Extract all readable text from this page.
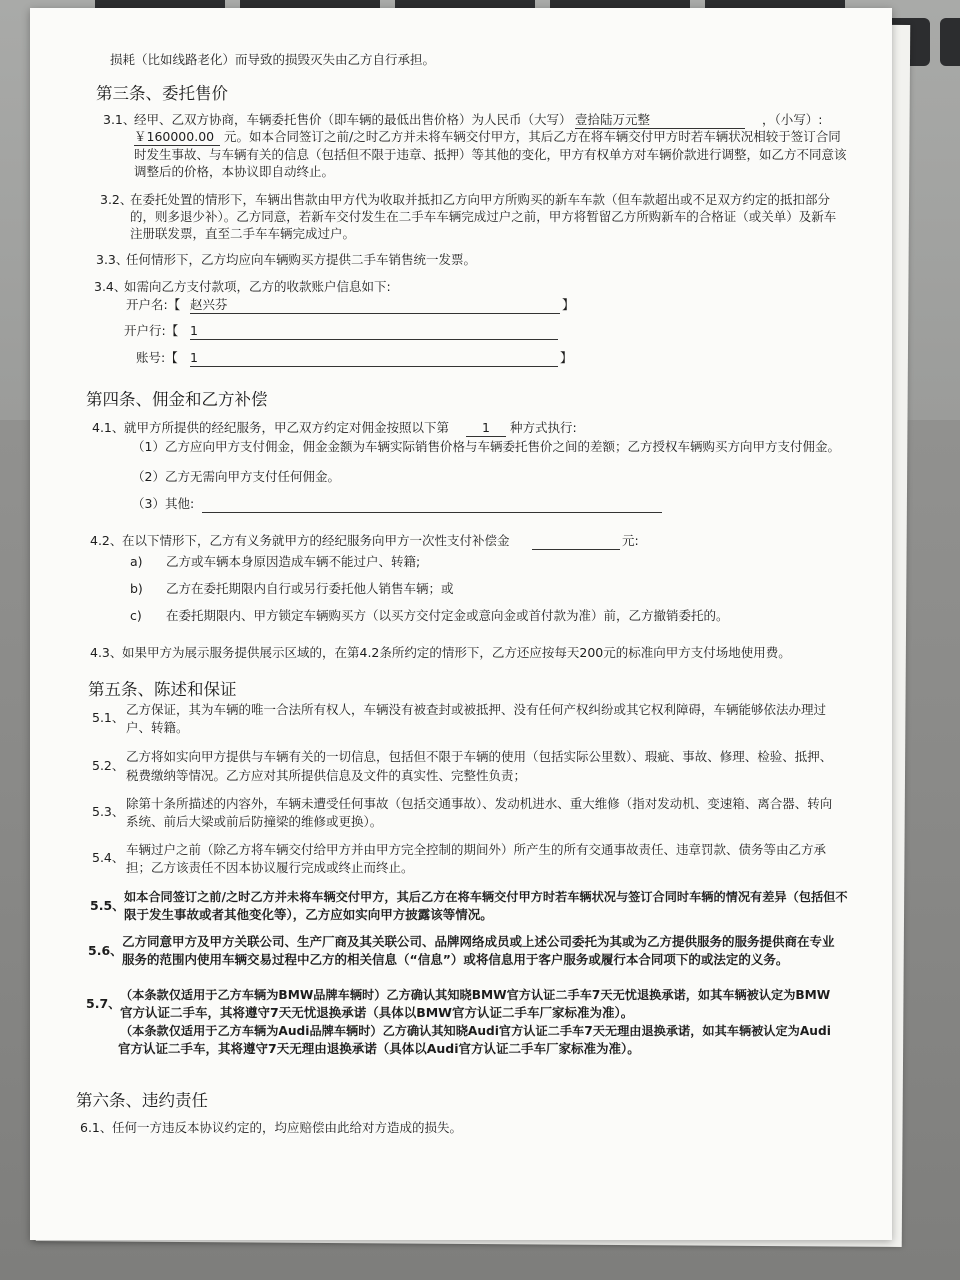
损耗（比如线路老化）而导致的损毁灭失由乙方自行承担。
第三条、委托售价
3.1、
经甲、乙双方协商，车辆委托售价（即车辆的最低出售价格）为人民币（大写） 壹拾陆万元整	，（小写）:
￥160000.00 元。如本合同签订之前/之时乙方并未将车辆交付甲方，其后乙方在将车辆交付甲方时若车辆状况相较于签订合同
时发生事故、与车辆有关的信息（包括但不限于违章、抵押）等其他的变化，甲方有权单方对车辆价款进行调整，如乙方不同意该
调整后的价格，本协议即自动终止。
3.2、
在委托处置的情形下，车辆出售款由甲方代为收取并抵扣乙方向甲方所购买的新车车款（但车款超出或不足双方约定的抵扣部分
的，则多退少补）。乙方同意，若新车交付发生在二手车车辆完成过户之前，甲方将暂留乙方所购新车的合格证（或关单）及新车
注册联发票，直至二手车车辆完成过户。
3.3、
任何情形下，乙方均应向车辆购买方提供二手车销售统一发票。
3.4、
如需向乙方支付款项，乙方的收款账户信息如下:
开户名:【 赵兴芬	】
开户行:【 1
账号:【 1	】
第四条、佣金和乙方补偿
4.1、 就甲方所提供的经纪服务，甲乙双方约定对佣金按照以下第	1	种方式执行:
（1）乙方应向甲方支付佣金，佣金金额为车辆实际销售价格与车辆委托售价之间的差额；乙方授权车辆购买方向甲方支付佣金。
（2）乙方无需向甲方支付任何佣金。
（3）其他:
4.2、 在以下情形下，乙方有义务就甲方的经纪服务向甲方一次性支付补偿金	元:
a) 乙方或车辆本身原因造成车辆不能过户、转籍;
b) 乙方在委托期限内自行或另行委托他人销售车辆；或
c) 在委托期限内、甲方锁定车辆购买方（以买方交付定金或意向金或首付款为准）前，乙方撤销委托的。
4.3、 如果甲方为展示服务提供展示区域的，在第4.2条所约定的情形下，乙方还应按每天200元的标准向甲方支付场地使用费。
第五条、陈述和保证
5.1、
乙方保证，其为车辆的唯一合法所有权人，车辆没有被查封或被抵押、没有任何产权纠纷或其它权利障碍，车辆能够依法办理过
户、转籍。
5.2、
乙方将如实向甲方提供与车辆有关的一切信息，包括但不限于车辆的使用（包括实际公里数）、瑕疵、事故、修理、检验、抵押、
税费缴纳等情况。乙方应对其所提供信息及文件的真实性、完整性负责；
5.3、
除第十条所描述的内容外，车辆未遭受任何事故（包括交通事故）、发动机进水、重大维修（指对发动机、变速箱、离合器、转向
系统、前后大梁或前后防撞梁的维修或更换）。
5.4、
车辆过户之前（除乙方将车辆交付给甲方并由甲方完全控制的期间外）所产生的所有交通事故责任、违章罚款、债务等由乙方承
担；乙方该责任不因本协议履行完成或终止而终止。
5.5、
如本合同签订之前/之时乙方并未将车辆交付甲方，其后乙方在将车辆交付甲方时若车辆状况与签订合同时车辆的情况有差异（包括但不
限于发生事故或者其他变化等），乙方应如实向甲方披露该等情况。
5.6、
乙方同意甲方及甲方关联公司、生产厂商及其关联公司、品牌网络成员或上述公司委托为其或为乙方提供服务的服务提供商在专业
服务的范围内使用车辆交易过程中乙方的相关信息（“信息”）或将信息用于客户服务或履行本合同项下的或法定的义务。
5.7、
（本条款仅适用于乙方车辆为BMW品牌车辆时）乙方确认其知晓BMW官方认证二手车7天无忧退换承诺，如其车辆被认定为BMW
官方认证二手车，其将遵守7天无忧退换承诺（具体以BMW官方认证二手车厂家标准为准）。
（本条款仅适用于乙方车辆为Audi品牌车辆时）乙方确认其知晓Audi官方认证二手车7天无理由退换承诺，如其车辆被认定为Audi
官方认证二手车，其将遵守7天无理由退换承诺（具体以Audi官方认证二手车厂家标准为准）。
第六条、违约责任
6.1、 任何一方违反本协议约定的，均应赔偿由此给对方造成的损失。
